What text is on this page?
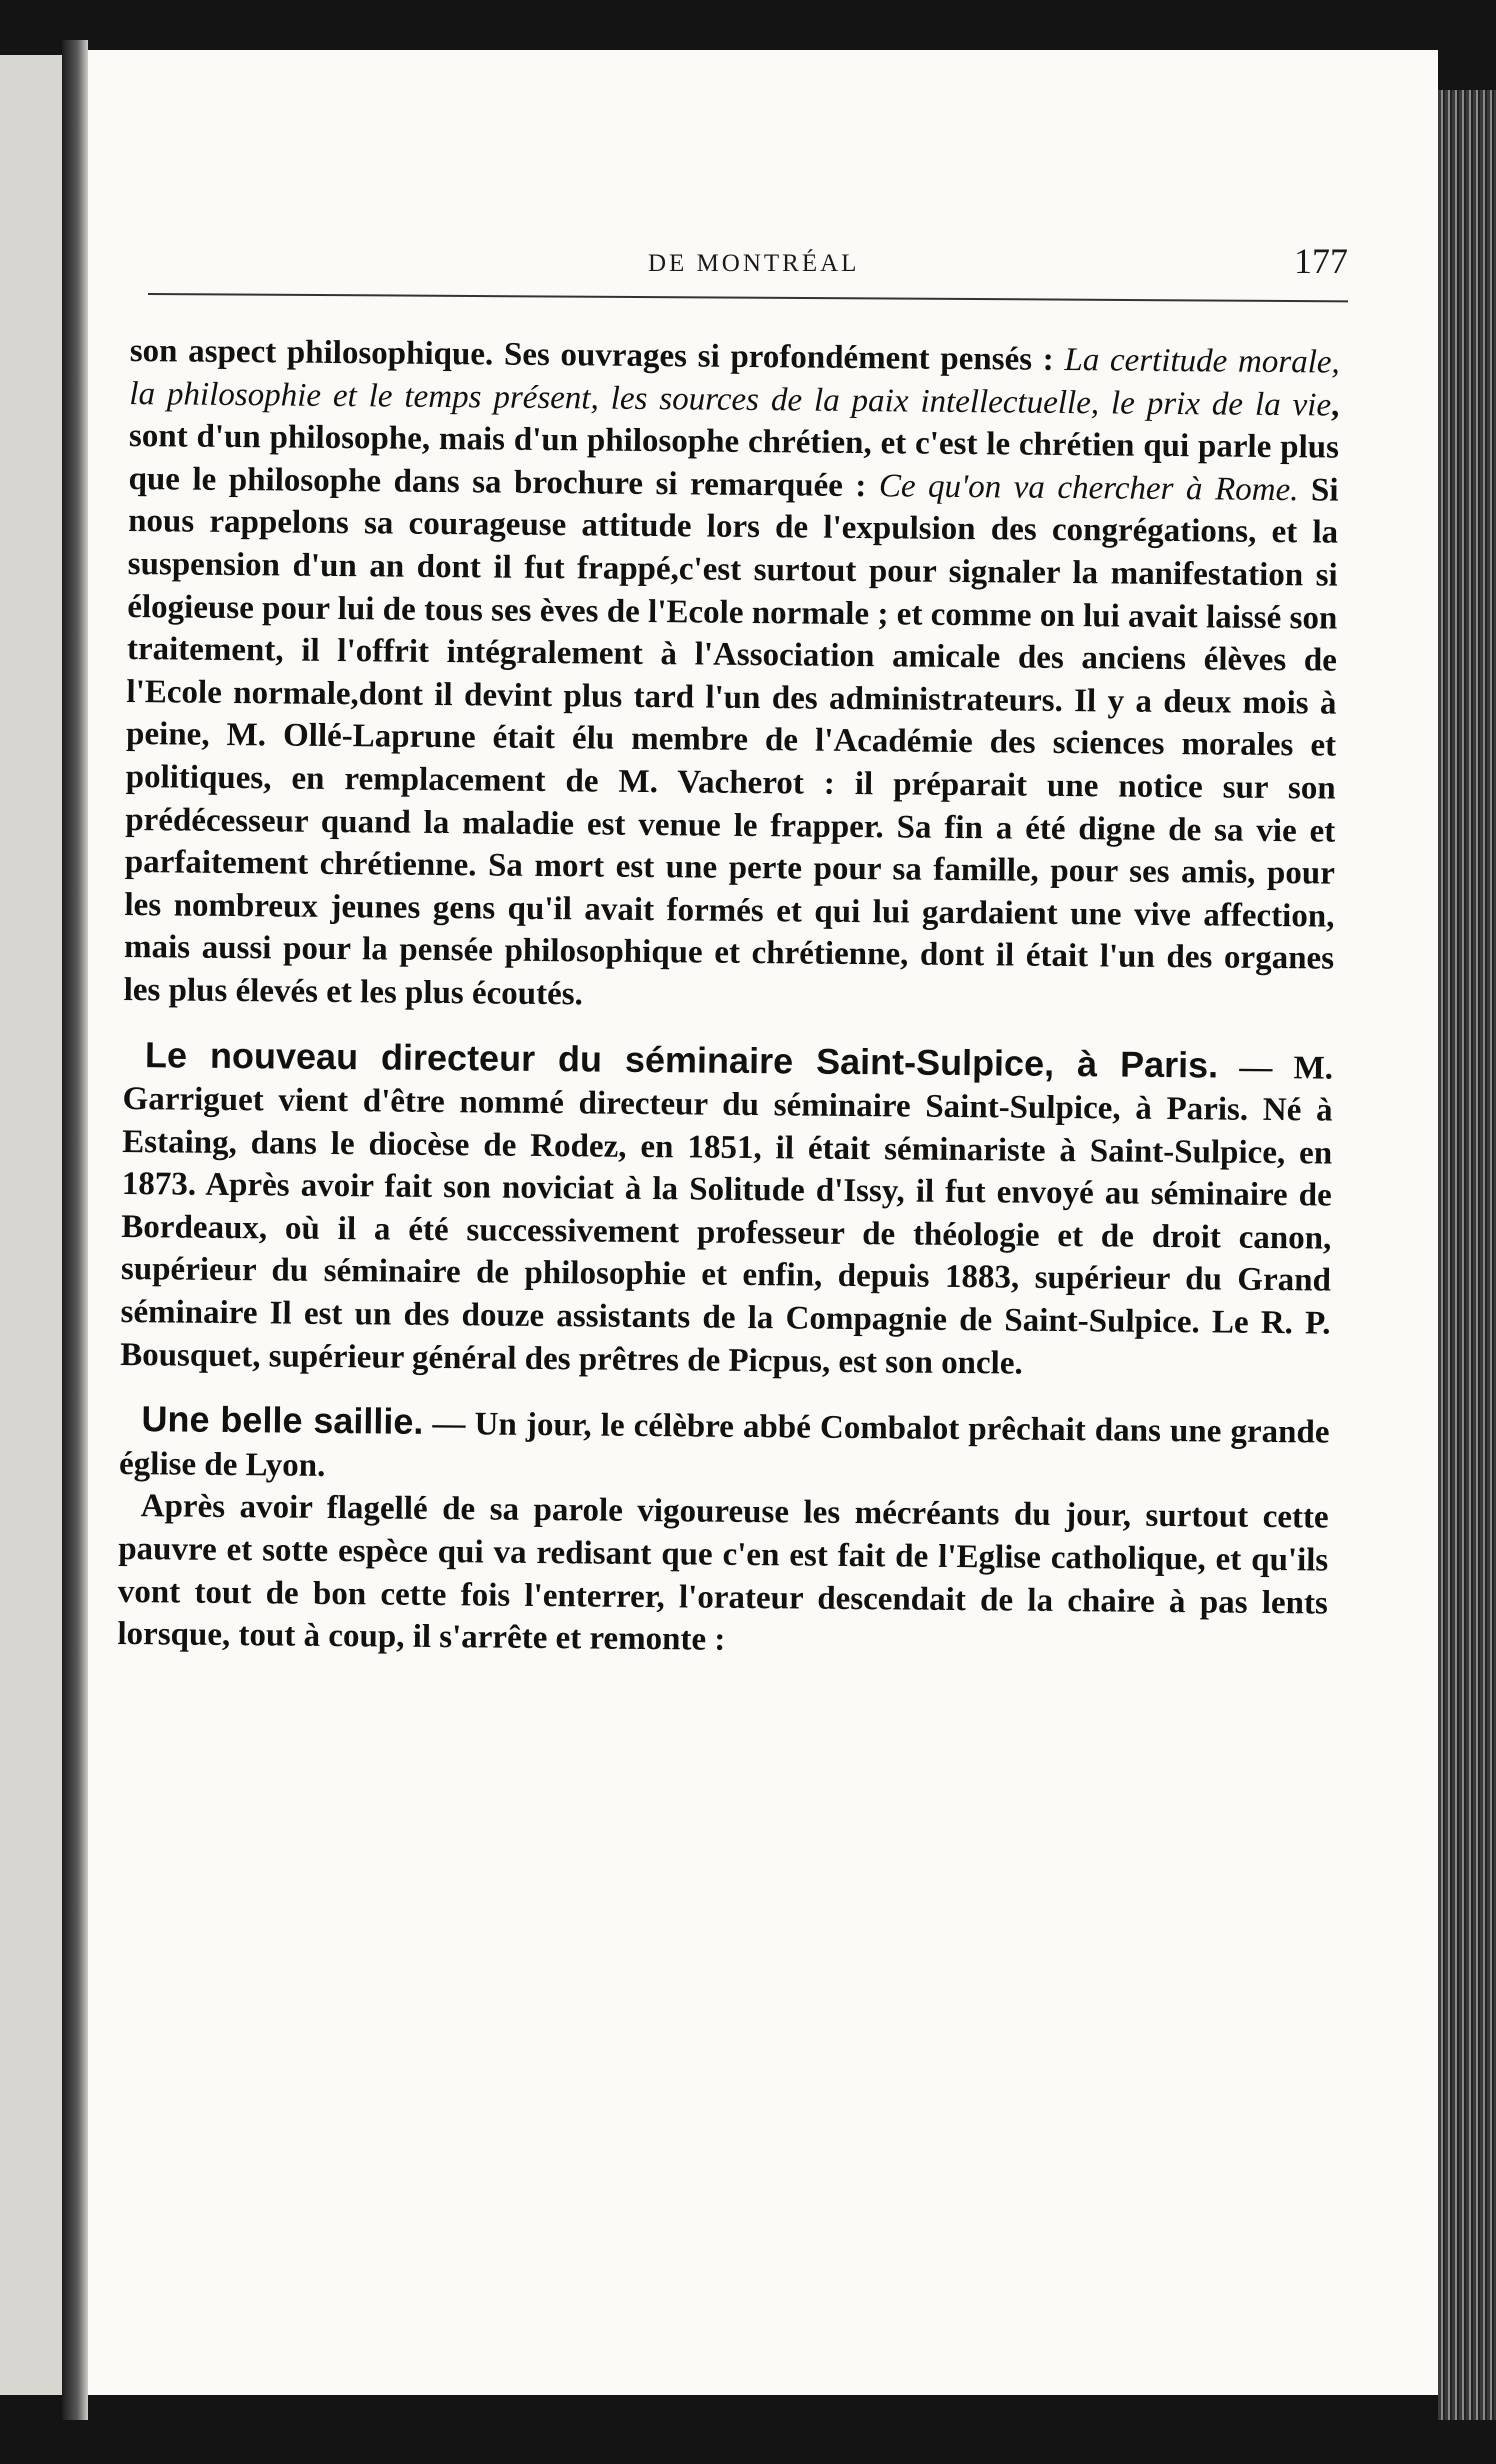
DE MONTRÉAL	177

son aspect philosophique. Ses ouvrages si profondément pensés : La certitude morale, la philosophie et le temps présent, les sources de la paix intellectuelle, le prix de la vie, sont d'un philosophe, mais d'un philosophe chrétien, et c'est le chrétien qui parle plus que le philosophe dans sa brochure si remarquée : Ce qu'on va chercher à Rome. Si nous rappelons sa courageuse attitude lors de l'expulsion des congrégations, et la suspension d'un an dont il fut frappé,c'est surtout pour signaler la manifestation si élogieuse pour lui de tous ses èves de l'Ecole normale ; et comme on lui avait laissé son traitement, il l'offrit intégralement à l'Association amicale des anciens élèves de l'Ecole normale,dont il devint plus tard l'un des administrateurs. Il y a deux mois à peine, M. Ollé-Laprune était élu membre de l'Académie des sciences morales et politiques, en remplacement de M. Vacherot : il préparait une notice sur son prédécesseur quand la maladie est venue le frapper. Sa fin a été digne de sa vie et parfaitement chrétienne. Sa mort est une perte pour sa famille, pour ses amis, pour les nombreux jeunes gens qu'il avait formés et qui lui gardaient une vive affection, mais aussi pour la pensée philosophique et chrétienne, dont il était l'un des organes les plus élevés et les plus écoutés.

Le nouveau directeur du séminaire Saint-Sulpice, à Paris. — M. Garriguet vient d'être nommé directeur du séminaire Saint-Sulpice, à Paris. Né à Estaing, dans le diocèse de Rodez, en 1851, il était séminariste à Saint-Sulpice, en 1873. Après avoir fait son noviciat à la Solitude d'Issy, il fut envoyé au séminaire de Bordeaux, où il a été successivement professeur de théologie et de droit canon, supérieur du séminaire de philosophie et enfin, depuis 1883, supérieur du Grand séminaire Il est un des douze assistants de la Compagnie de Saint-Sulpice. Le R. P. Bousquet, supérieur général des prêtres de Picpus, est son oncle.

Une belle saillie. — Un jour, le célèbre abbé Combalot prêchait dans une grande église de Lyon.

Après avoir flagellé de sa parole vigoureuse les mécréants du jour, surtout cette pauvre et sotte espèce qui va redisant que c'en est fait de l'Eglise catholique, et qu'ils vont tout de bon cette fois l'enterrer, l'orateur descendait de la chaire à pas lents lorsque, tout à coup, il s'arrête et remonte :
